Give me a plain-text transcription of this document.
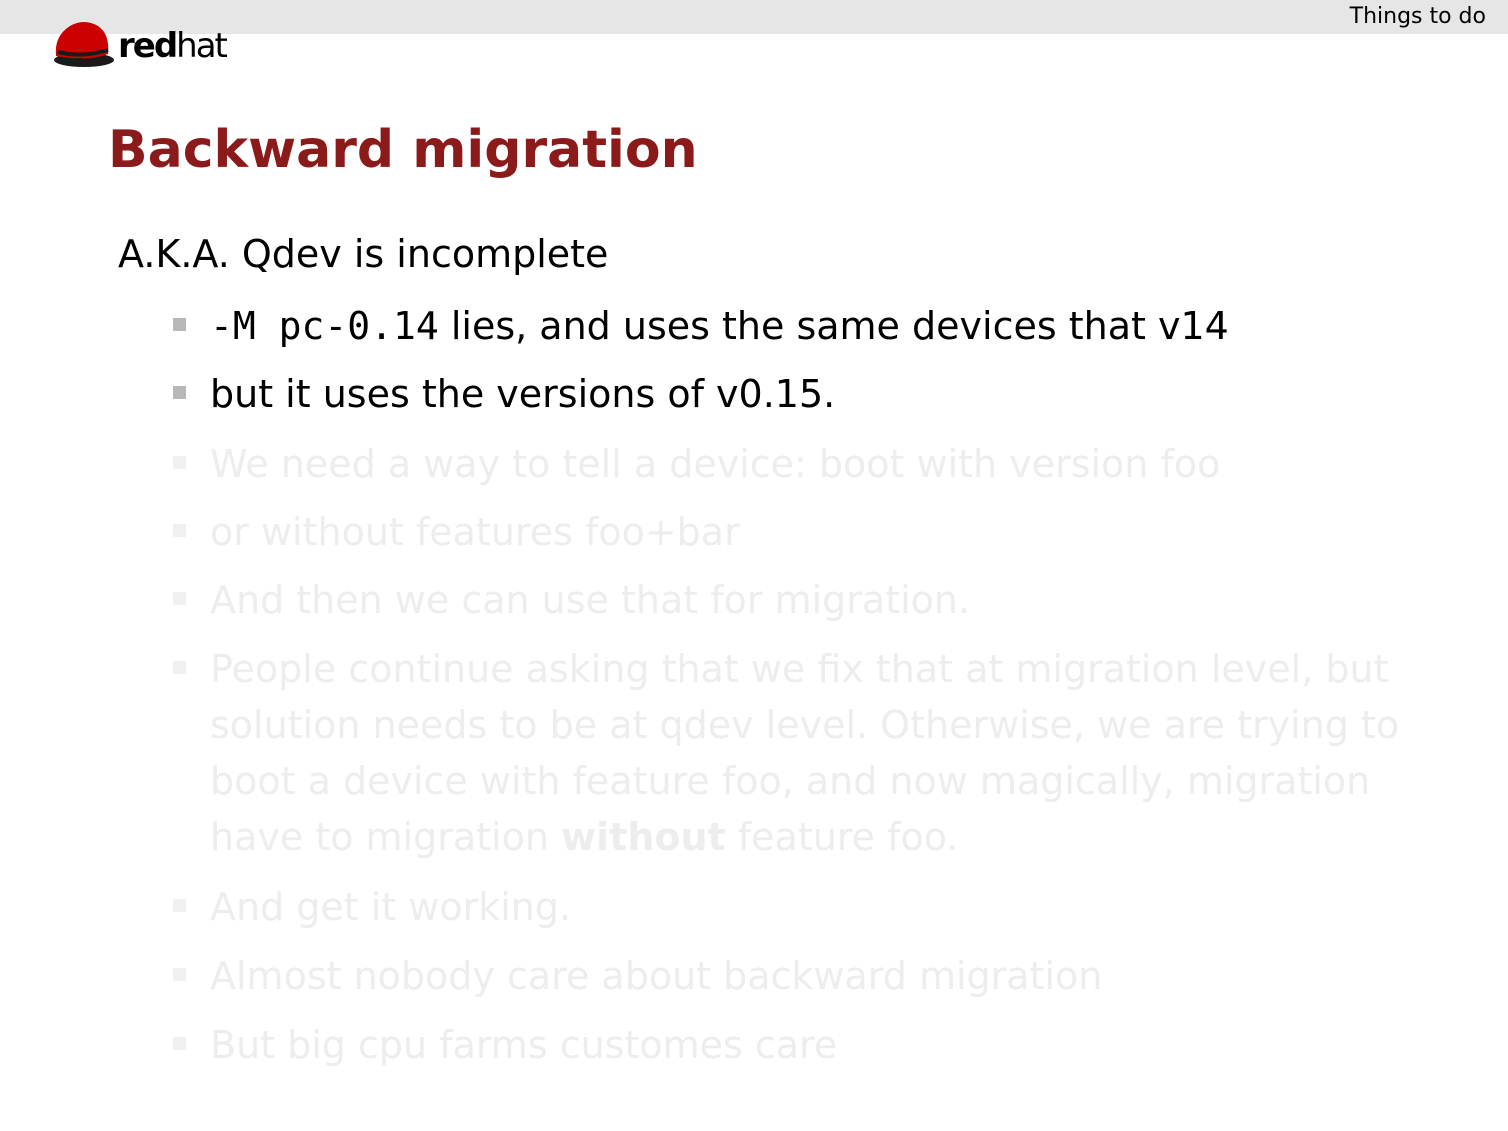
Things to do
redhat
Backward migration
A.K.A. Qdev is incomplete
-M pc-0.14 lies, and uses the same devices that v14
but it uses the versions of v0.15.
We need a way to tell a device: boot with version foo
or without features foo+bar
And then we can use that for migration.
People continue asking that we fix that at migration level, but solution needs to be at qdev level. Otherwise, we are trying to boot a device with feature foo, and now magically, migration have to migration without feature foo.
And get it working.
Almost nobody care about backward migration
But big cpu farms customes care
